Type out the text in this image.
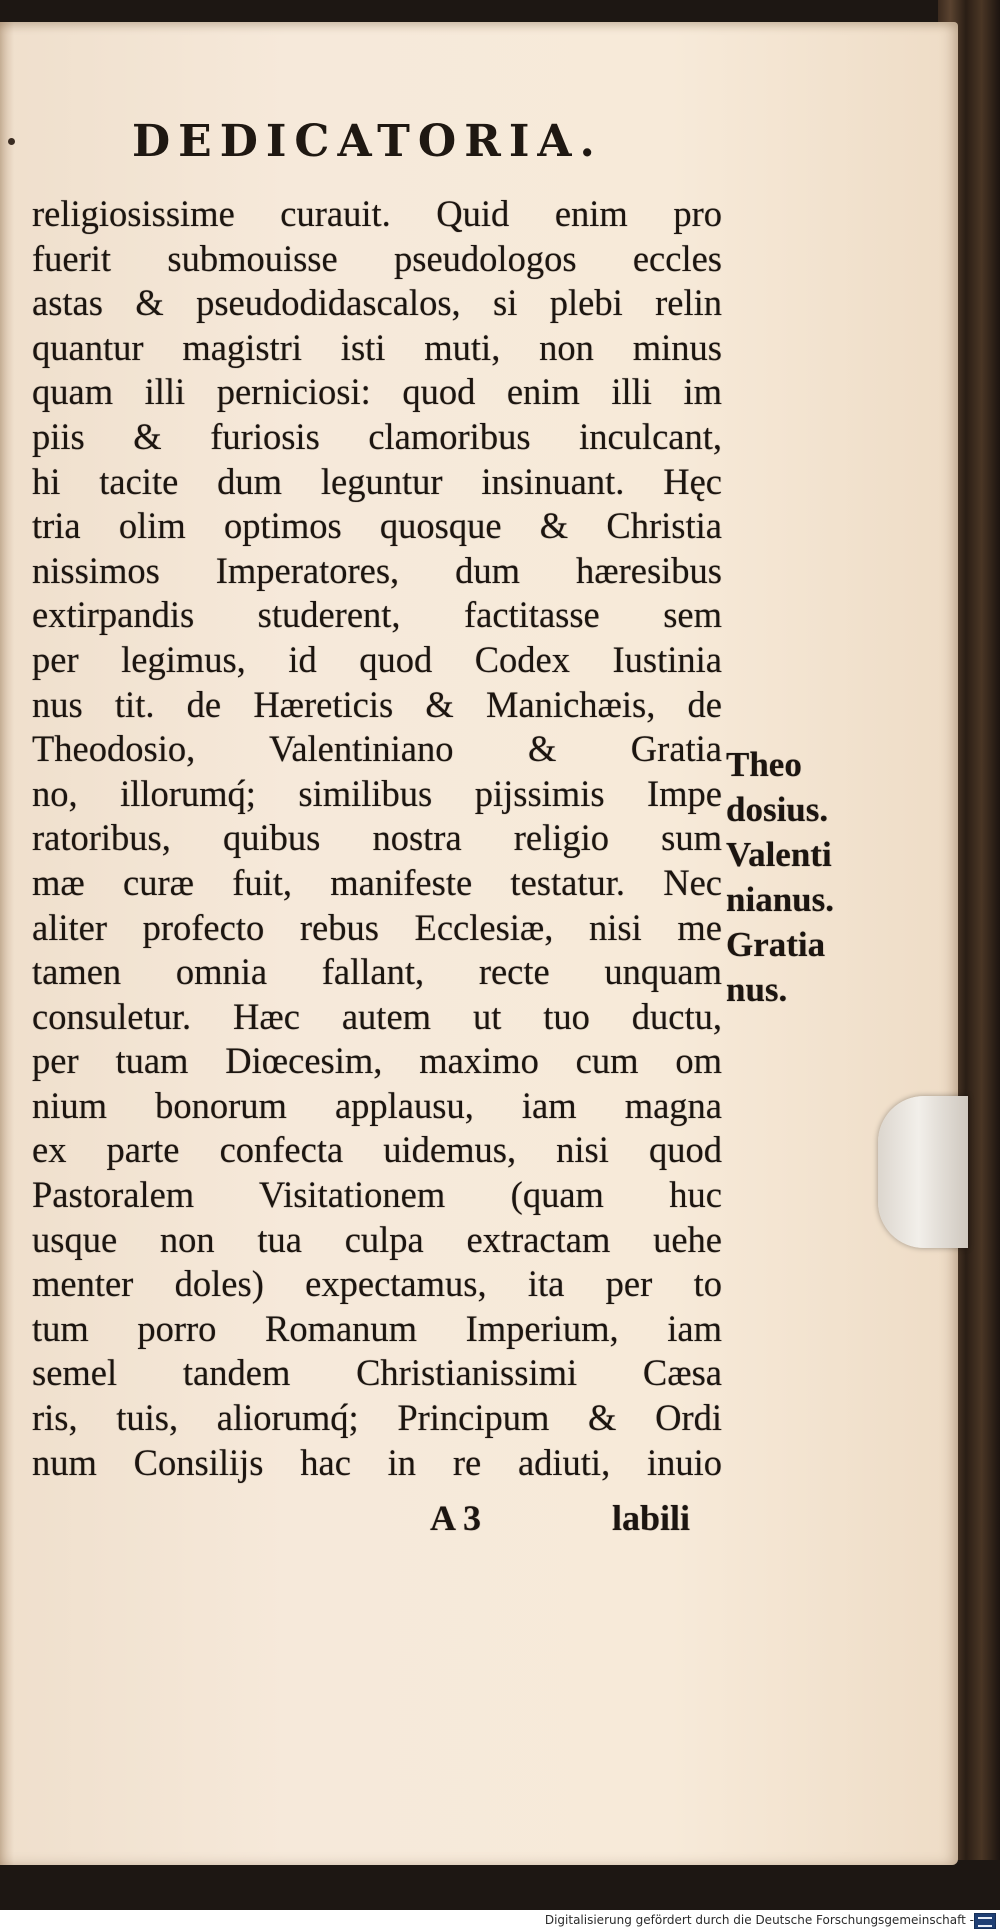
DEDICATORIA.
religiosissime curauit. Quid enim pro
fuerit submouisse pseudologos eccles
astas & pseudodidascalos, si plebi relin
quantur magistri isti muti, non minus
quam illi perniciosi: quod enim illi im
piis & furiosis clamoribus inculcant,
hi tacite dum leguntur insinuant. Hęc
tria olim optimos quosque & Christia
nissimos Imperatores, dum hæresibus
extirpandis studerent, factitasse sem
per legimus, id quod Codex Iustinia
nus tit. de Hæreticis & Manichæis, de
Theodosio, Valentiniano & Gratia
no, illorumq́; similibus pijssimis Impe
ratoribus, quibus nostra religio sum
mæ curæ fuit, manifeste testatur. Nec
aliter profecto rebus Ecclesiæ, nisi me
tamen omnia fallant, recte unquam
consuletur. Hæc autem ut tuo ductu,
per tuam Diœcesim, maximo cum om
nium bonorum applausu, iam magna
ex parte confecta uidemus, nisi quod
Pastoralem Visitationem (quam huc
usque non tua culpa extractam uehe
menter doles) expectamus, ita per to
tum porro Romanum Imperium, iam
semel tandem Christianissimi Cæsa
ris, tuis, aliorumq́; Principum & Ordi
num Consilijs hac in re adiuti, inuio
Theo
dosius.
Valenti
nianus.
Gratia
nus.
A 3	labili
Digitalisierung gefördert durch die Deutsche Forschungsgemeinschaft -
